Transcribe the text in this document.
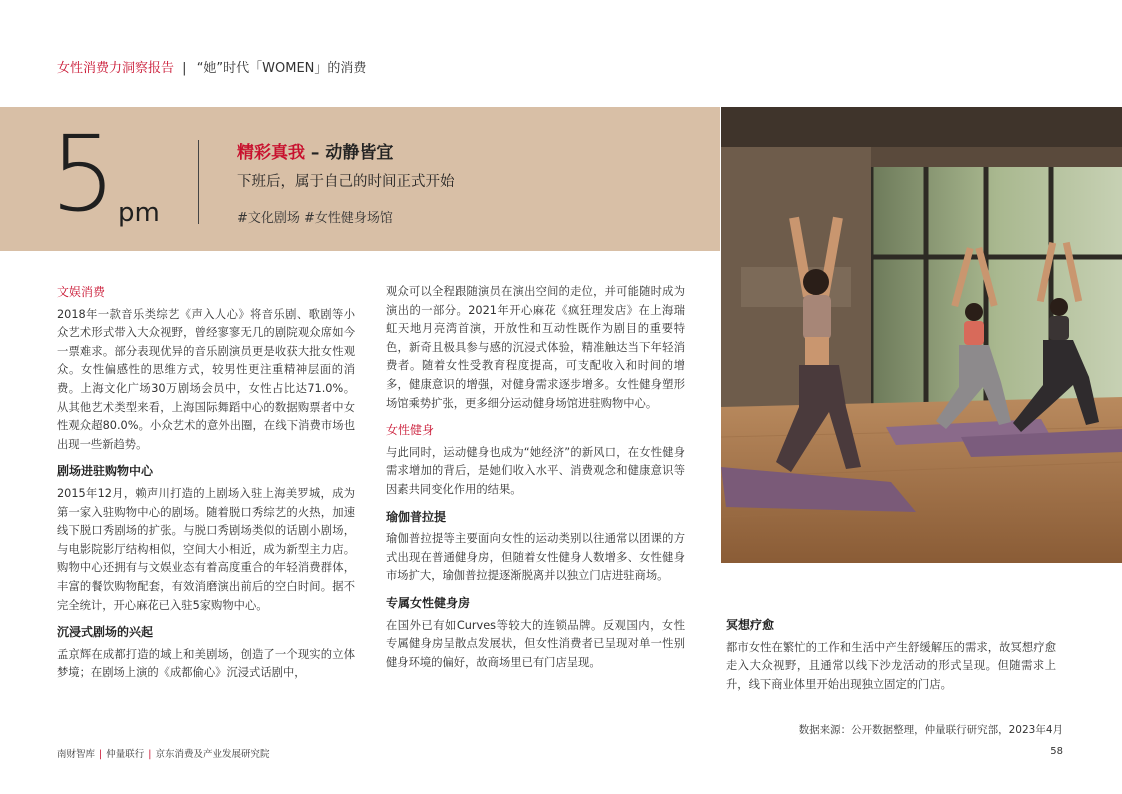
女性消费力洞察报告 | “她”时代「WOMEN」的消费
5 pm
精彩真我 – 动静皆宜
下班后，属于自己的时间正式开始
#文化剧场 #女性健身场馆
文娱消费
2018年一款音乐类综艺《声入人心》将音乐剧、歌剧等小众艺术形式带入大众视野，曾经寥寥无几的剧院观众席如今一票难求。部分表现优异的音乐剧演员更是收获大批女性观众。女性偏感性的思维方式，较男性更注重精神层面的消费。上海文化广场30万剧场会员中，女性占比达71.0%。从其他艺术类型来看，上海国际舞蹈中心的数据购票者中女性观众超80.0%。小众艺术的意外出圈，在线下消费市场也出现一些新趋势。
剧场进驻购物中心
2015年12月，赖声川打造的上剧场入驻上海美罗城，成为第一家入驻购物中心的剧场。随着脱口秀综艺的火热，加速线下脱口秀剧场的扩张。与脱口秀剧场类似的话剧小剧场，与电影院影厅结构相似，空间大小相近，成为新型主力店。购物中心还拥有与文娱业态有着高度重合的年轻消费群体，丰富的餐饮购物配套，有效消磨演出前后的空白时间。据不完全统计，开心麻花已入驻5家购物中心。
沉浸式剧场的兴起
孟京辉在成都打造的域上和美剧场，创造了一个现实的立体梦境；在剧场上演的《成都偷心》沉浸式话剧中，
观众可以全程跟随演员在演出空间的走位，并可能随时成为演出的一部分。2021年开心麻花《疯狂理发店》在上海瑞虹天地月亮湾首演，开放性和互动性既作为剧目的重要特色，新奇且极具参与感的沉浸式体验，精准触达当下年轻消费者。随着女性受教育程度提高，可支配收入和时间的增多，健康意识的增强，对健身需求逐步增多。女性健身塑形场馆乘势扩张，更多细分运动健身场馆进驻购物中心。
女性健身
与此同时，运动健身也成为“她经济”的新风口，在女性健身需求增加的背后，是她们收入水平、消费观念和健康意识等因素共同变化作用的结果。
瑜伽普拉提
瑜伽普拉提等主要面向女性的运动类别以往通常以团课的方式出现在普通健身房，但随着女性健身人数增多、女性健身市场扩大，瑜伽普拉提逐渐脱离并以独立门店进驻商场。
专属女性健身房
在国外已有如Curves等较大的连锁品牌。反观国内，女性专属健身房呈散点发展状，但女性消费者已呈现对单一性别健身环境的偏好，故商场里已有门店呈现。
冥想疗愈
都市女性在繁忙的工作和生活中产生舒缓解压的需求，故冥想疗愈走入大众视野，且通常以线下沙龙活动的形式呈现。但随需求上升，线下商业体里开始出现独立固定的门店。
数据来源：公开数据整理，仲量联行研究部，2023年4月
南财智库 | 仲量联行 | 京东消费及产业发展研究院	58
